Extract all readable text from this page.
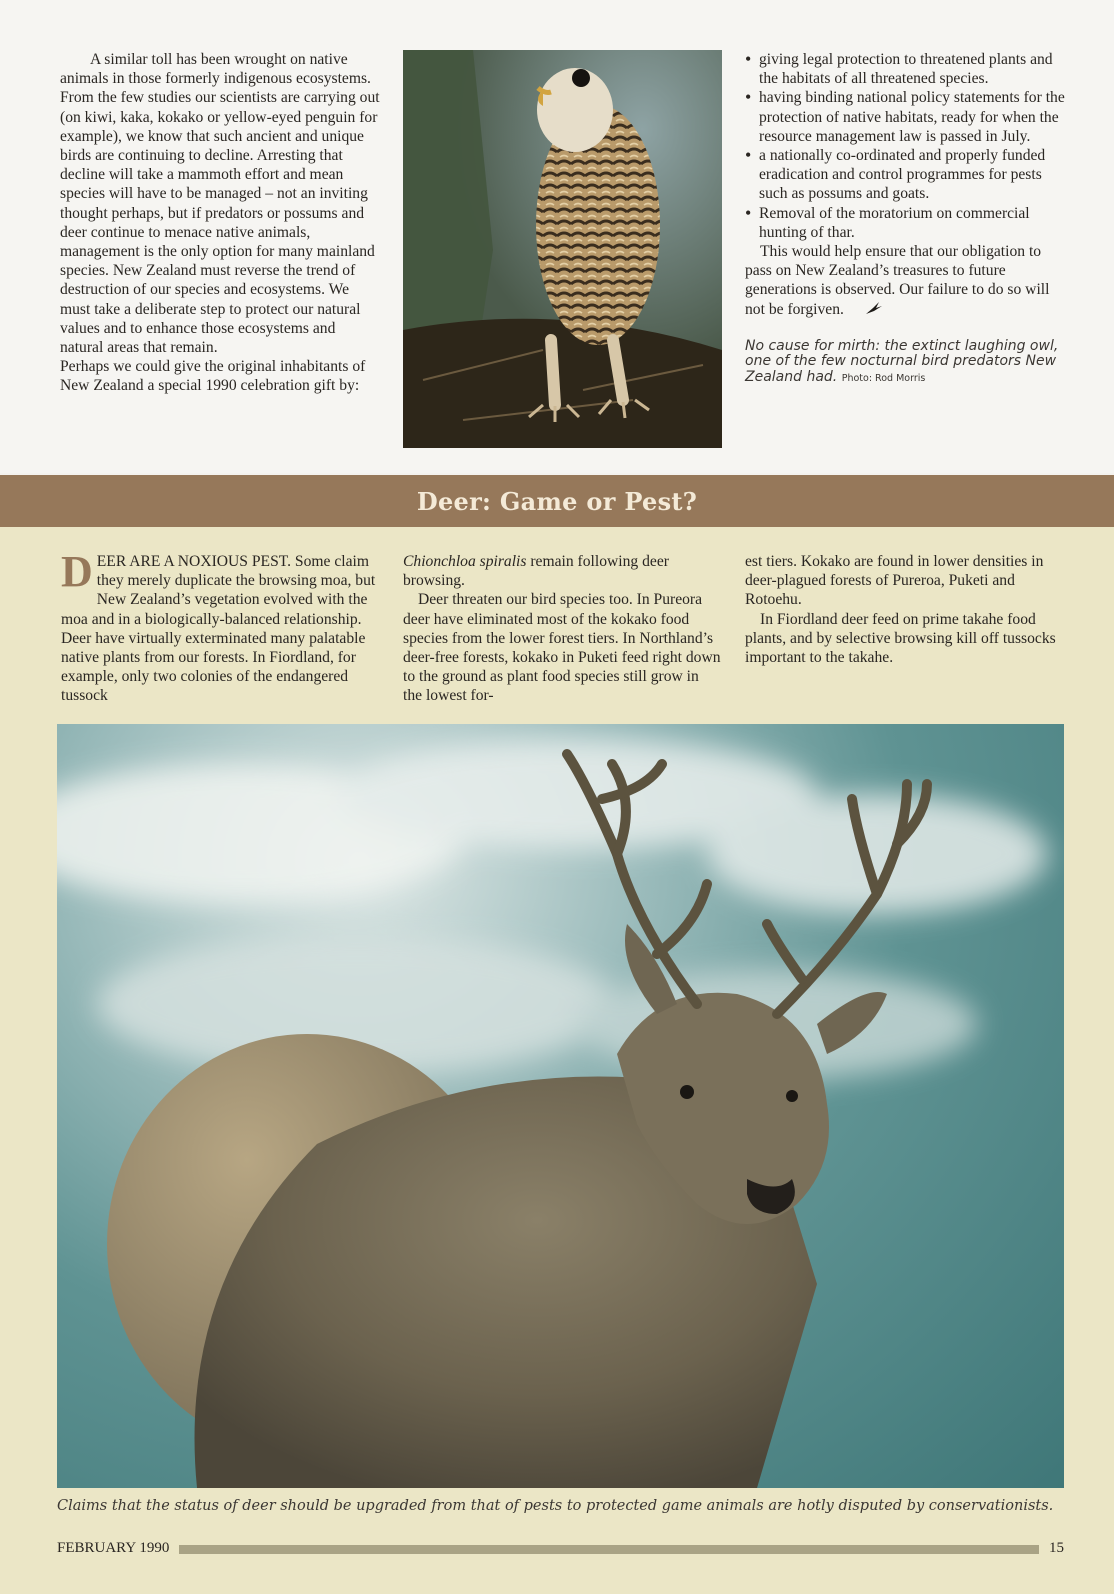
A similar toll has been wrought on native animals in those formerly indigenous ecosystems. From the few studies our scientists are carrying out (on kiwi, kaka, kokako or yellow-eyed penguin for example), we know that such ancient and unique birds are continuing to decline. Arresting that decline will take a mammoth effort and mean species will have to be managed – not an inviting thought perhaps, but if predators or possums and deer continue to menace native animals, management is the only option for many mainland species. New Zealand must reverse the trend of destruction of our species and ecosystems. We must take a deliberate step to protect our natural values and to enhance those ecosystems and natural areas that remain.

Perhaps we could give the original inhabitants of New Zealand a special 1990 celebration gift by:

• giving legal protection to threatened plants and the habitats of all threatened species.
• having binding national policy statements for the protection of native habitats, ready for when the resource management law is passed in July.
• a nationally co-ordinated and properly funded eradication and control programmes for pests such as possums and goats.
• Removal of the moratorium on commercial hunting of thar.

This would help ensure that our obligation to pass on New Zealand’s treasures to future generations is observed. Our failure to do so will not be forgiven.

No cause for mirth: the extinct laughing owl, one of the few nocturnal bird predators New Zealand had. Photo: Rod Morris
Deer: Game or Pest?

DEER ARE A NOXIOUS PEST. Some claim they merely duplicate the browsing moa, but New Zealand’s vegetation evolved with the moa and in a biologically-balanced relationship. Deer have virtually exterminated many palatable native plants from our forests. In Fiordland, for example, only two colonies of the endangered tussock

Chionchloa spiralis remain following deer browsing.

Deer threaten our bird species too. In Pureora deer have eliminated most of the kokako food species from the lower forest tiers. In Northland’s deer-free forests, kokako in Puketi feed right down to the ground as plant food species still grow in the lowest for-

est tiers. Kokako are found in lower densities in deer-plagued forests of Pureroa, Puketi and Rotoehu.

In Fiordland deer feed on prime takahe food plants, and by selective browsing kill off tussocks important to the takahe.

Claims that the status of deer should be upgraded from that of pests to protected game animals are hotly disputed by conservationists.
FEBRUARY 1990	15
